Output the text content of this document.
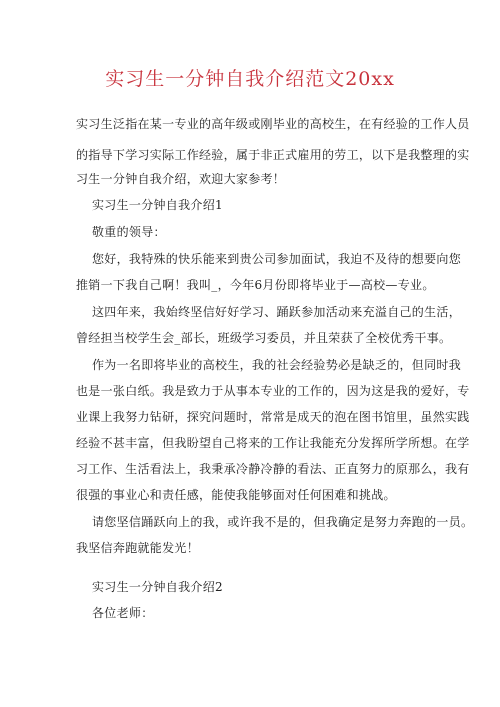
实习生一分钟自我介绍范文20xx
实习生泛指在某一专业的高年级或刚毕业的高校生，在有经验的工作人员
的指导下学习实际工作经验，属于非正式雇用的劳工，以下是我整理的实
习生一分钟自我介绍，欢迎大家参考！
实习生一分钟自我介绍1
敬重的领导：
您好，我特殊的快乐能来到贵公司参加面试，我迫不及待的想要向您
推销一下我自己啊！我叫_，今年6月份即将毕业于—高校—专业。
这四年来，我始终坚信好好学习、踊跃参加活动来充溢自己的生活，
曾经担当校学生会_部长，班级学习委员，并且荣获了全校优秀干事。
作为一名即将毕业的高校生，我的社会经验势必是缺乏的，但同时我
也是一张白纸。我是致力于从事本专业的工作的，因为这是我的爱好，专
业课上我努力钻研，探究问题时，常常是成天的泡在图书馆里，虽然实践
经验不甚丰富，但我盼望自己将来的工作让我能充分发挥所学所想。在学
习工作、生活看法上，我秉承冷静冷静的看法、正直努力的原那么，我有
很强的事业心和责任感，能使我能够面对任何困难和挑战。
请您坚信踊跃向上的我，或许我不是的，但我确定是努力奔跑的一员。
我坚信奔跑就能发光！
实习生一分钟自我介绍2
各位老师：
